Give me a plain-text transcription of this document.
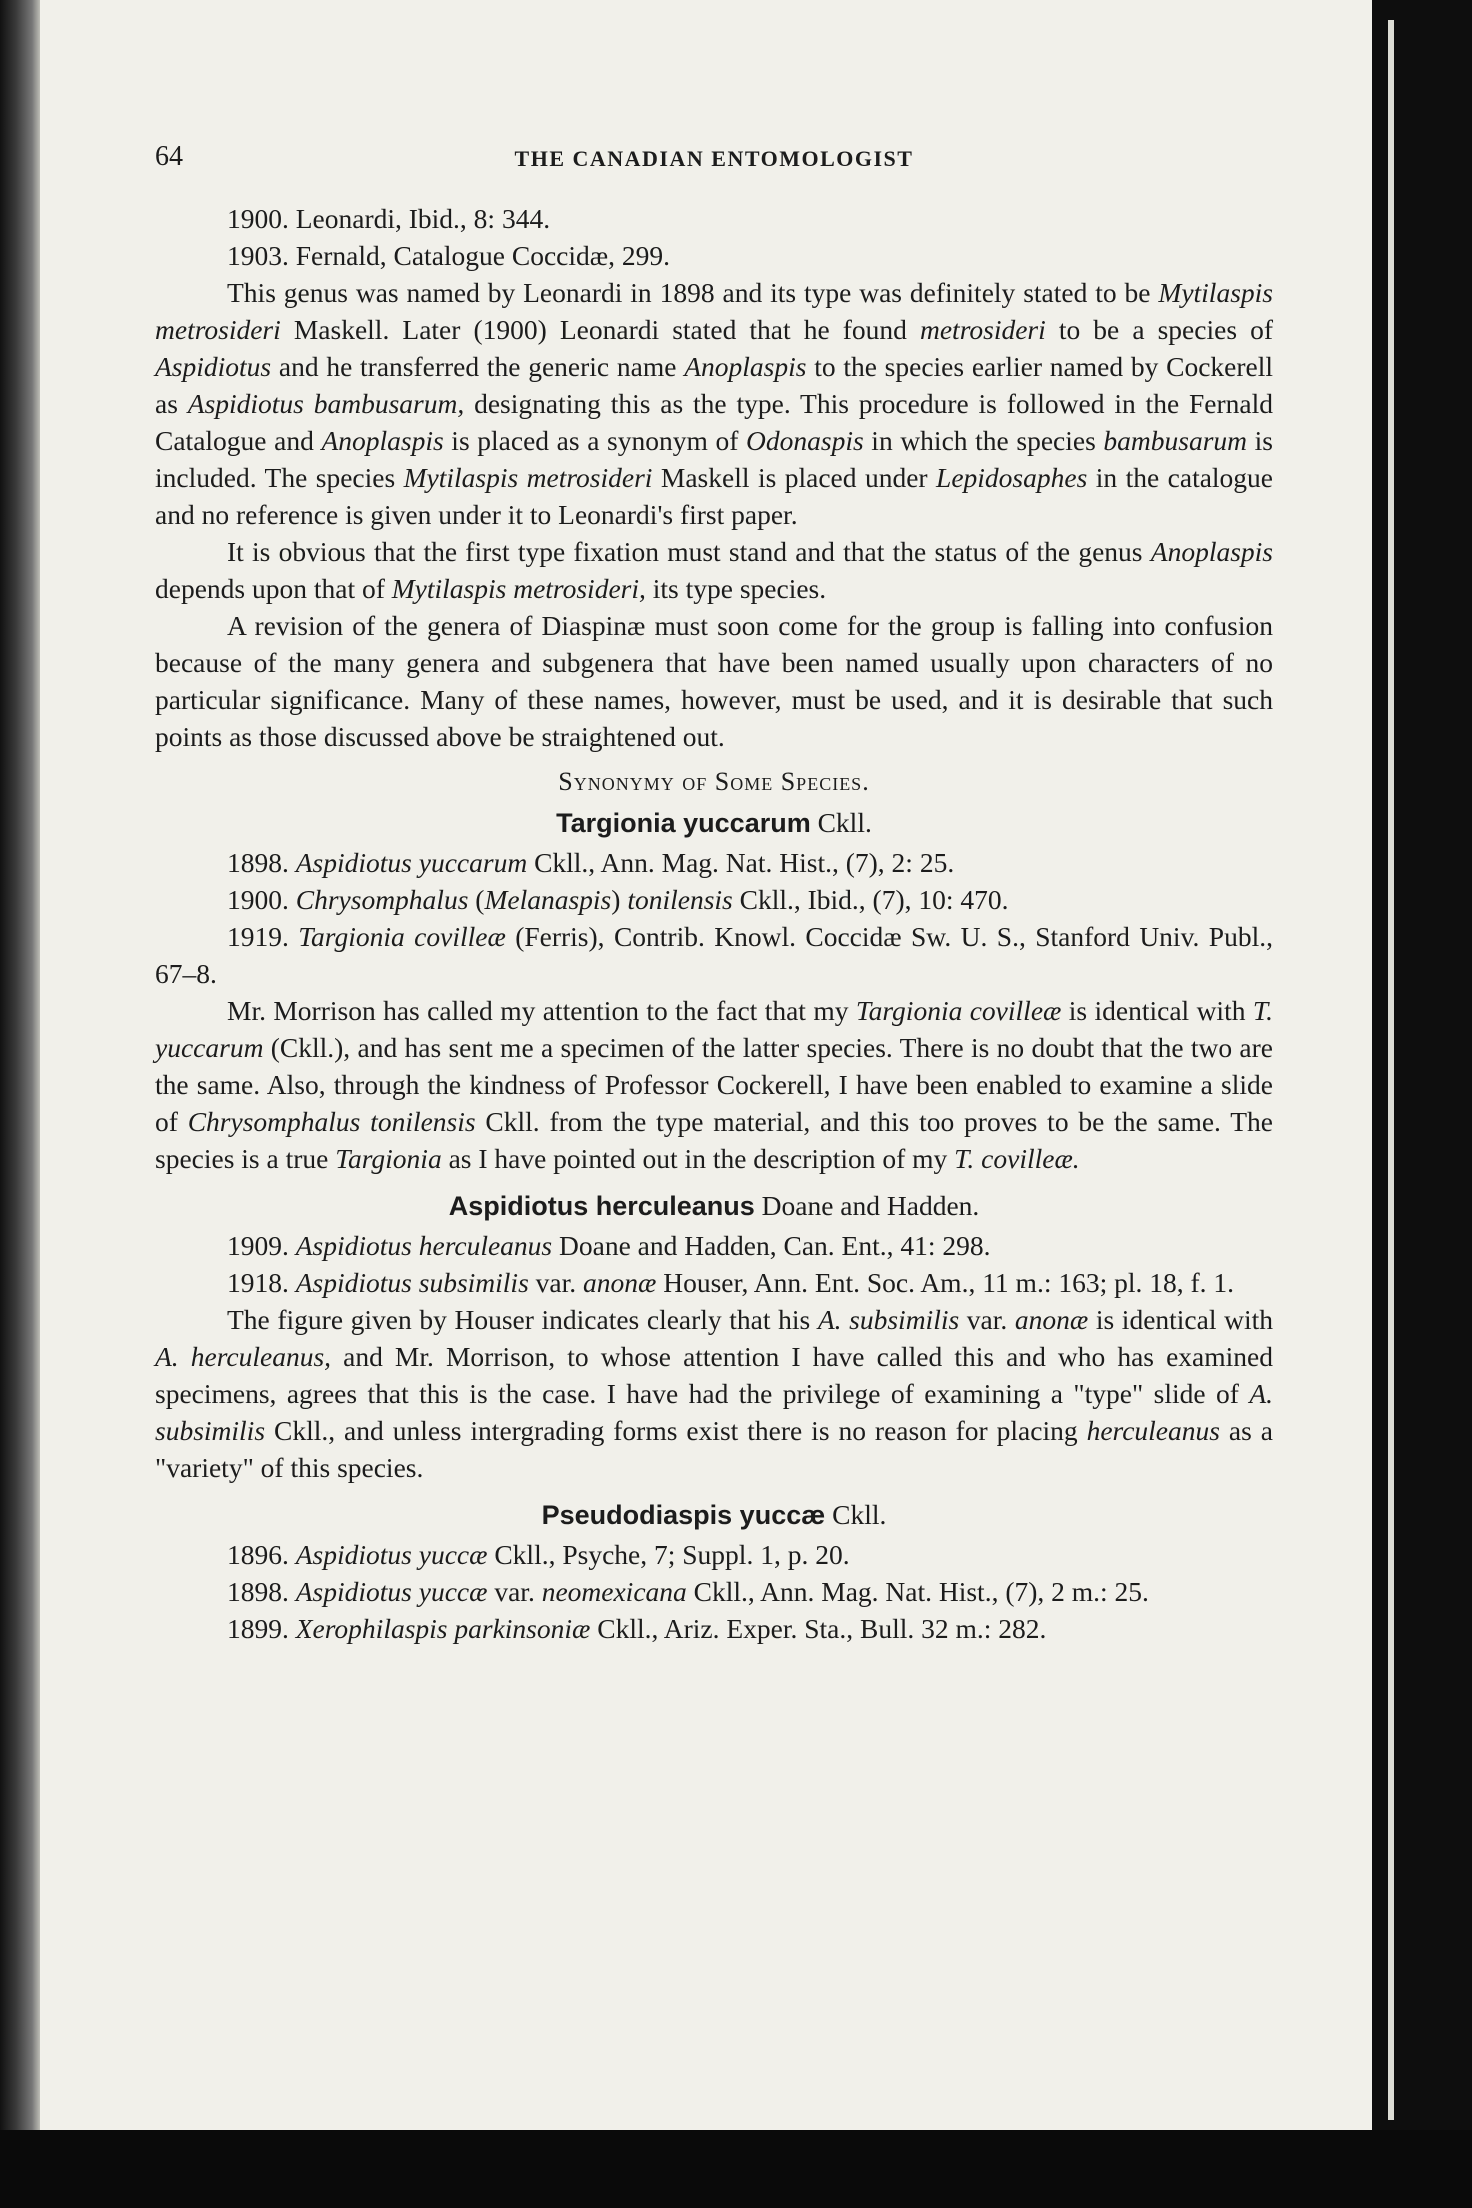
64	THE CANADIAN ENTOMOLOGIST
1900. Leonardi, Ibid., 8: 344.
1903. Fernald, Catalogue Coccidæ, 299.

This genus was named by Leonardi in 1898 and its type was definitely stated to be Mytilaspis metrosideri Maskell. Later (1900) Leonardi stated that he found metrosideri to be a species of Aspidiotus and he transferred the generic name Anoplaspis to the species earlier named by Cockerell as Aspidiotus bambusarum, designating this as the type. This procedure is followed in the Fernald Catalogue and Anoplaspis is placed as a synonym of Odonaspis in which the species bambusarum is included. The species Mytilaspis metrosideri Maskell is placed under Lepidosaphes in the catalogue and no reference is given under it to Leonardi's first paper.

It is obvious that the first type fixation must stand and that the status of the genus Anoplaspis depends upon that of Mytilaspis metrosideri, its type species.

A revision of the genera of Diaspinæ must soon come for the group is falling into confusion because of the many genera and subgenera that have been named usually upon characters of no particular significance. Many of these names, however, must be used, and it is desirable that such points as those discussed above be straightened out.

Synonymy of Some Species.
Targionia yuccarum Ckll.
1898. Aspidiotus yuccarum Ckll., Ann. Mag. Nat. Hist., (7), 2: 25.
1900. Chrysomphalus (Melanaspis) tonilensis Ckll., Ibid., (7), 10: 470.
1919. Targionia covilleæ (Ferris), Contrib. Knowl. Coccidæ Sw. U. S., Stanford Univ. Publ., 67–8.

Mr. Morrison has called my attention to the fact that my Targionia covilleæ is identical with T. yuccarum (Ckll.), and has sent me a specimen of the latter species. There is no doubt that the two are the same. Also, through the kindness of Professor Cockerell, I have been enabled to examine a slide of Chrysomphalus tonilensis Ckll. from the type material, and this too proves to be the same. The species is a true Targionia as I have pointed out in the description of my T. covilleæ.

Aspidiotus herculeanus Doane and Hadden.
1909. Aspidiotus herculeanus Doane and Hadden, Can. Ent., 41: 298.
1918. Aspidiotus subsimilis var. anonæ Houser, Ann. Ent. Soc. Am., 11 m.: 163; pl. 18, f. 1.

The figure given by Houser indicates clearly that his A. subsimilis var. anonæ is identical with A. herculeanus, and Mr. Morrison, to whose attention I have called this and who has examined specimens, agrees that this is the case. I have had the privilege of examining a "type" slide of A. subsimilis Ckll., and unless intergrading forms exist there is no reason for placing herculeanus as a "variety" of this species.

Pseudodiaspis yuccæ Ckll.
1896. Aspidiotus yuccæ Ckll., Psyche, 7; Suppl. 1, p. 20.
1898. Aspidiotus yuccæ var. neomexicana Ckll., Ann. Mag. Nat. Hist., (7), 2 m.: 25.
1899. Xerophilaspis parkinsoniæ Ckll., Ariz. Exper. Sta., Bull. 32 m.: 282.
